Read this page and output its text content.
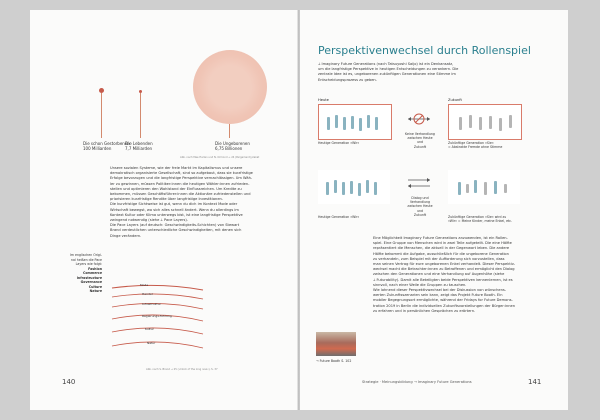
Die schon Gestorbenen
100 Milliarden
Die Lebenden
7,7 Milliarden
Die Ungeborenen
6,75 Billionen
Abb. nach Mae Harlan und N. Ormond → 24 (Pergament) plakat
Unsere sozialen Systeme, wie der freie Markt im Kapitalismus und unsere
demokratisch organisierte Gesellschaft, sind so aufgebaut, dass sie kurzfristige
Erfolge bevorzugen und die langfristige Perspektive vernachlässigen. Um Wäh-
ler zu gewinnen, müssen Politiker:innen die heutigen Wähler:innen zufrieden-
stellen und optimieren den Wohlstand der Einflussreichen. Um Kredite zu
bekommen, müssen Geschäftsführer:innen die Aktionäre zufriedenstellen und
priorisieren kurzfristige Rendite über langfristige Investitionen.
Die kurzfristige Sichtweise ist gut, wenn du dich im Kontext Mode oder
Wirtschaft bewegst, wo sich alles schnell ändert. Wenn du allerdings im
Kontext Kultur oder Klima unterwegs bist, ist eine langfristige Perspektive
zwingend notwendig (siehe ⟂ Pace Layers).
Die Pace Layers (auf deutsch: Geschwindigkeits-Schichten) von Stewart
Brand verdeutlichen unterschiedliche Geschwindigkeiten, mit denen sich
Dinge verändern.
Im englischen Origi-
nal heißen die Pace
Layers wie folgt:
Fashion
Commerce
Infrastructure
Governance
Culture
Nature
Mode
Handel
Infrastruktur
Regierungs-führung
Kultur
Natur
Abb. nach S. Brand → 25 (»Clock of the long now«), S. 37
140
Perspektivenwechsel durch Rollenspiel
⟂ Imaginary Future Generations (nach Tatsuyoshi Saijo) ist ein Denkansatz,
um die langfristige Perspektive in heutigen Entscheidungen zu verankern. Die
zentrale Idee ist es, ungeborenen zukünftigen Generationen eine Stimme im
Entscheidungsprozess zu geben.
Heute	Zukunft
Heutige Generation »Wir«
Keine Verhandlung
zwischen Heute und
Zukunft
Zukünftige Generation »Sie«
= Abstrakte Fremde ohne Stimme
Heutige Generation »Wir«
Dialog und Verhandlung
zwischen Heute und
Zukunft
Zukünftige Generation »Sie« wird zu
»Wir« = Meine Kinder, meine Enkel, etc.
Eine Möglichkeit Imaginary Future Generations anzuwenden, ist ein Rollen-
spiel. Eine Gruppe von Menschen wird in zwei Teile aufgeteilt. Die eine Hälfte
repräsentiert die Menschen, die aktuell in der Gegenwart leben. Die andere
Hälfte bekommt die Aufgabe, ausschließlich für die ungeborene Generation
zu verhandeln, zum Beispiel mit der Aufforderung sich vorzustellen, dass
man seinen Vertrag für eure ungeborenen Enkel verhandelt. Dieser Perspektiv-
wechsel macht die Betrachter:innen zu Betroffenen und ermöglicht den Dialog
zwischen den Generationen und eine Verhandlung auf Augenhöhe (siehe
⟂ Futurability). Damit alle Beteiligten beide Perspektiven kennenlernen, ist es
sinnvoll, nach einer Weile die Gruppen zu tauschen.
Wie lohnend dieser Perspektivwechsel bei der Diskussion von wünschens-
werten Zukunftsszenarien sein kann, zeigt das Projekt Future Booth. Ein
mobiler Begegnungsort ermöglichte, während der Fridays for Future Demons-
tration 2019 in Berlin die individuellen Zukunftsvorstellungen der Bürger:innen
zu erfahren und in persönlichen Gesprächen zu erörtern.
→ Future Booth S. 102
Strategie · Meinungsbildung → Imaginary Future Generations	141
